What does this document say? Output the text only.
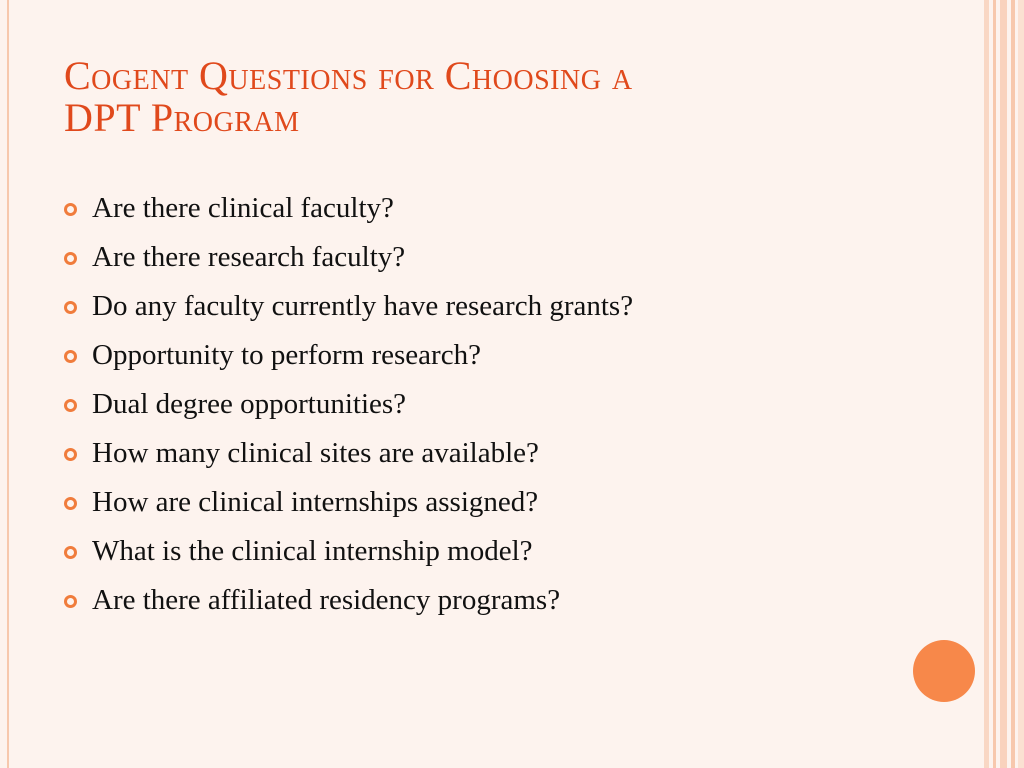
Cogent Questions for Choosing a
DPT Program
Are there clinical faculty?
Are there research faculty?
Do any faculty currently have research grants?
Opportunity to perform research?
Dual degree opportunities?
How many clinical sites are available?
How are clinical internships assigned?
What is the clinical internship model?
Are there affiliated residency programs?
